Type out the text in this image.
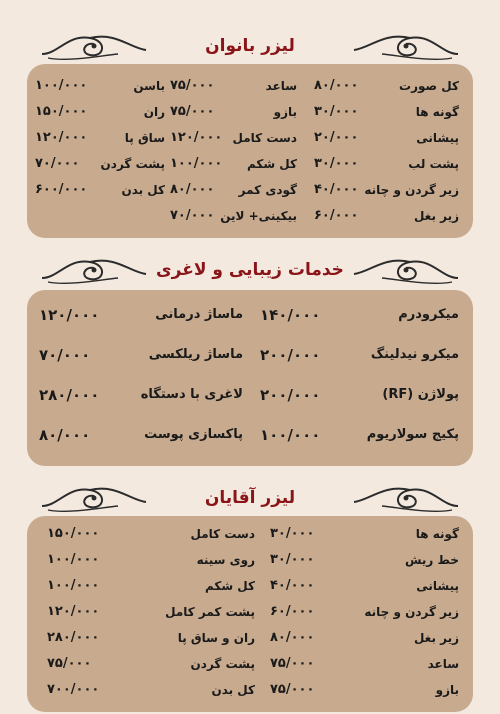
لیزر بانوان
کل صورت
۸۰/۰۰۰
ساعد
۷۵/۰۰۰
باسن
۱۰۰/۰۰۰
گونه ها
۳۰/۰۰۰
بازو
۷۵/۰۰۰
ران
۱۵۰/۰۰۰
پیشانی
۲۰/۰۰۰
دست کامل
۱۲۰/۰۰۰
ساق پا
۱۲۰/۰۰۰
پشت لب
۳۰/۰۰۰
کل شکم
۱۰۰/۰۰۰
پشت گردن
۷۰/۰۰۰
زیر گردن و چانه
۴۰/۰۰۰
گودی کمر
۸۰/۰۰۰
کل بدن
۶۰۰/۰۰۰
زیر بغل
۶۰/۰۰۰
بیکینی+ لاین
۷۰/۰۰۰
خدمات زیبایی و لاغری
میکرودرم
۱۴۰/۰۰۰
ماساژ درمانی
۱۲۰/۰۰۰
میکرو نیدلینگ
۲۰۰/۰۰۰
ماساژ ریلکسی
۷۰/۰۰۰
پولاژن (RF)
۲۰۰/۰۰۰
لاغری با دستگاه
۲۸۰/۰۰۰
پکیج سولاریوم
۱۰۰/۰۰۰
پاکسازی پوست
۸۰/۰۰۰
لیزر آقایان
گونه ها
۳۰/۰۰۰
دست کامل
۱۵۰/۰۰۰
خط ریش
۳۰/۰۰۰
روی سینه
۱۰۰/۰۰۰
پیشانی
۴۰/۰۰۰
کل شکم
۱۰۰/۰۰۰
زیر گردن و چانه
۶۰/۰۰۰
پشت کمر کامل
۱۲۰/۰۰۰
زیر بغل
۸۰/۰۰۰
ران و ساق پا
۲۸۰/۰۰۰
ساعد
۷۵/۰۰۰
پشت گردن
۷۵/۰۰۰
بازو
۷۵/۰۰۰
کل بدن
۷۰۰/۰۰۰
